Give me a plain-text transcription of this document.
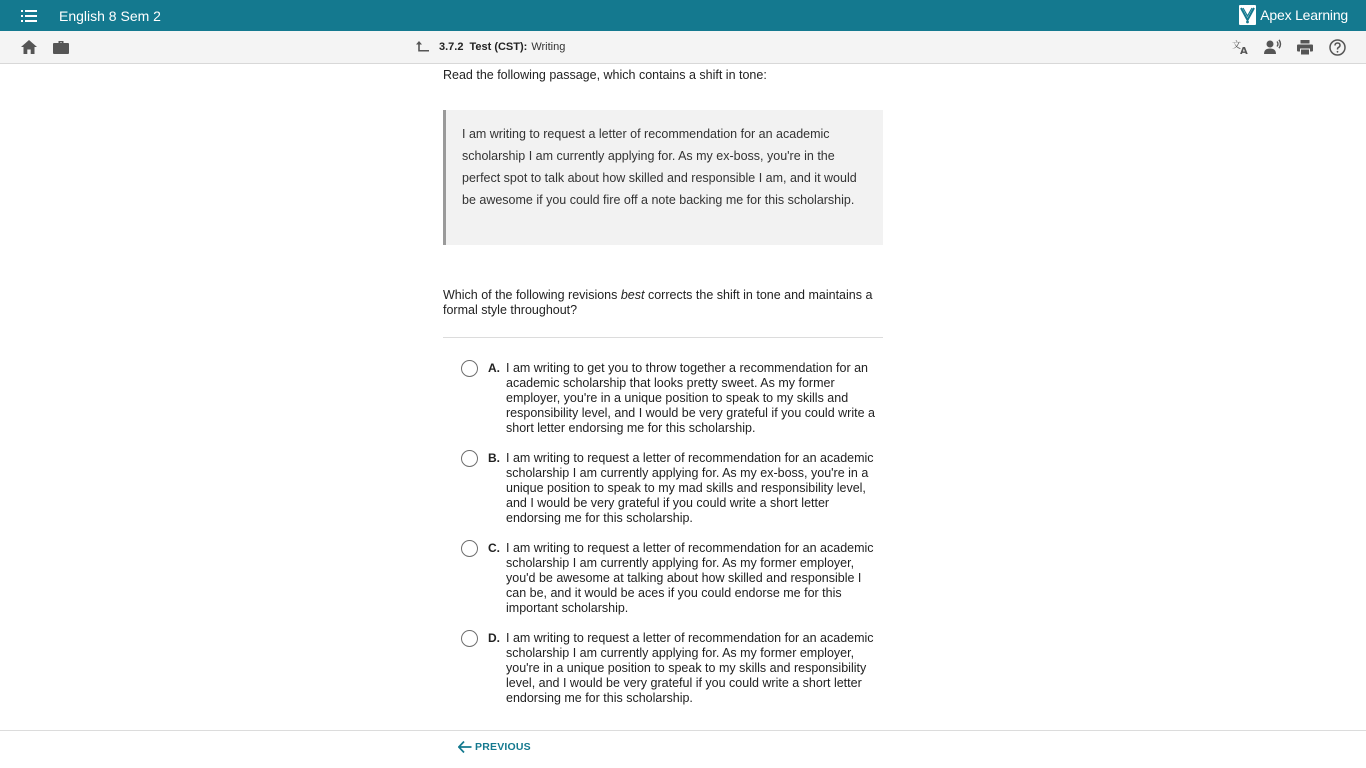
English 8 Sem 2	Apex Learning
3.7.2 Test (CST): Writing	文
A
Read the following passage, which contains a shift in tone:

I am writing to request a letter of recommendation for an academic scholarship I am currently applying for. As my ex-boss, you're in the perfect spot to talk about how skilled and responsible I am, and it would be awesome if you could fire off a note backing me for this scholarship.

Which of the following revisions best corrects the shift in tone and maintains a formal style throughout?
A. I am writing to get you to throw together a recommendation for an academic scholarship that looks pretty sweet. As my former employer, you're in a unique position to speak to my skills and responsibility level, and I would be very grateful if you could write a short letter endorsing me for this scholarship.
B. I am writing to request a letter of recommendation for an academic scholarship I am currently applying for. As my ex-boss, you're in a unique position to speak to my mad skills and responsibility level, and I would be very grateful if you could write a short letter endorsing me for this scholarship.
C. I am writing to request a letter of recommendation for an academic scholarship I am currently applying for. As my former employer, you'd be awesome at talking about how skilled and responsible I can be, and it would be aces if you could endorse me for this important scholarship.
D. I am writing to request a letter of recommendation for an academic scholarship I am currently applying for. As my former employer, you're in a unique position to speak to my skills and responsibility level, and I would be very grateful if you could write a short letter endorsing me for this scholarship.
PREVIOUS
